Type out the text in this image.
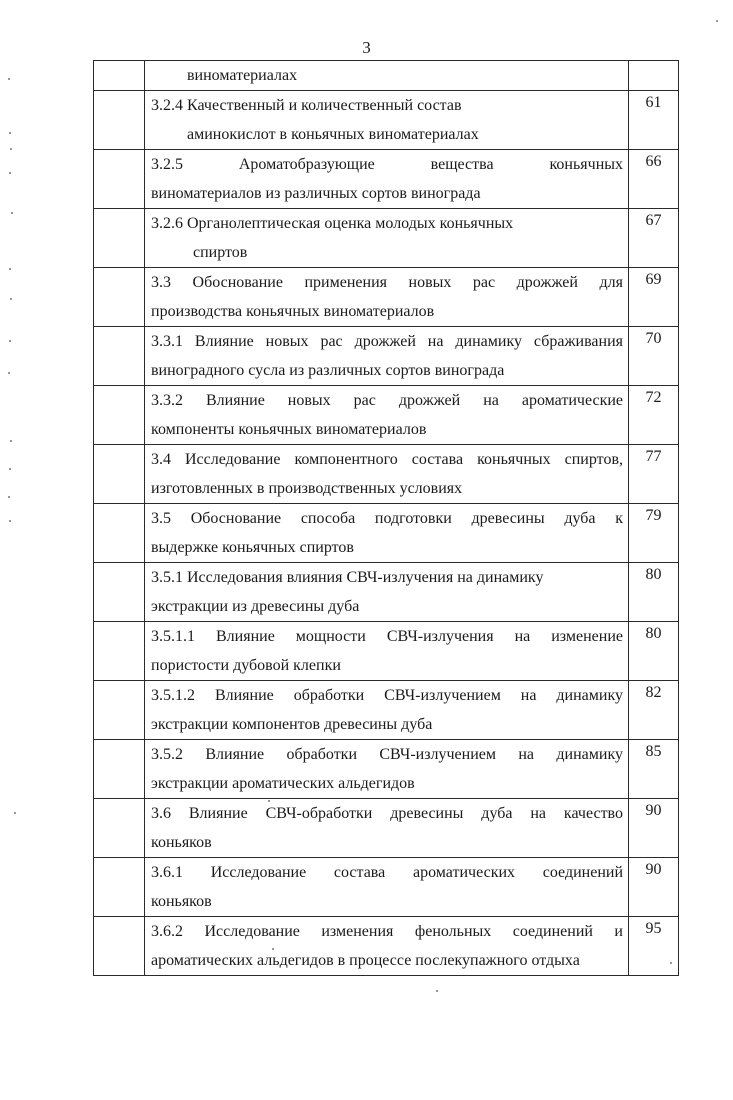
3

	виноматериалах	

	3.2.4 Качественный и количественный состав
аминокислот в коньячных виноматериалах	61

	3.2.5 Ароматобразующие вещества коньячных
виноматериалов из различных сортов винограда	66

	3.2.6 Органолептическая оценка молодых коньячных
спиртов	67

	3.3 Обоснование применения новых рас дрожжей для
производства коньячных виноматериалов	69

	3.3.1 Влияние новых рас дрожжей на динамику сбраживания
виноградного сусла из различных сортов винограда	70

	3.3.2 Влияние новых рас дрожжей на ароматические
компоненты коньячных виноматериалов	72

	3.4 Исследование компонентного состава коньячных спиртов,
изготовленных в производственных условиях	77

	3.5 Обоснование способа подготовки древесины дуба к
выдержке коньячных спиртов	79

	3.5.1 Исследования влияния СВЧ-излучения на динамику
экстракции из древесины дуба	80

	3.5.1.1 Влияние мощности СВЧ-излучения на изменение
пористости дубовой клепки	80

	3.5.1.2 Влияние обработки СВЧ-излучением на динамику
экстракции компонентов древесины дуба	82

	3.5.2 Влияние обработки СВЧ-излучением на динамику
экстракции ароматических альдегидов	85

	3.6 Влияние СВЧ-обработки древесины дуба на качество
коньяков	90

	3.6.1 Исследование состава ароматических соединений
коньяков	90

	3.6.2 Исследование изменения фенольных соединений и
ароматических альдегидов в процессе послекупажного отдыха	95
